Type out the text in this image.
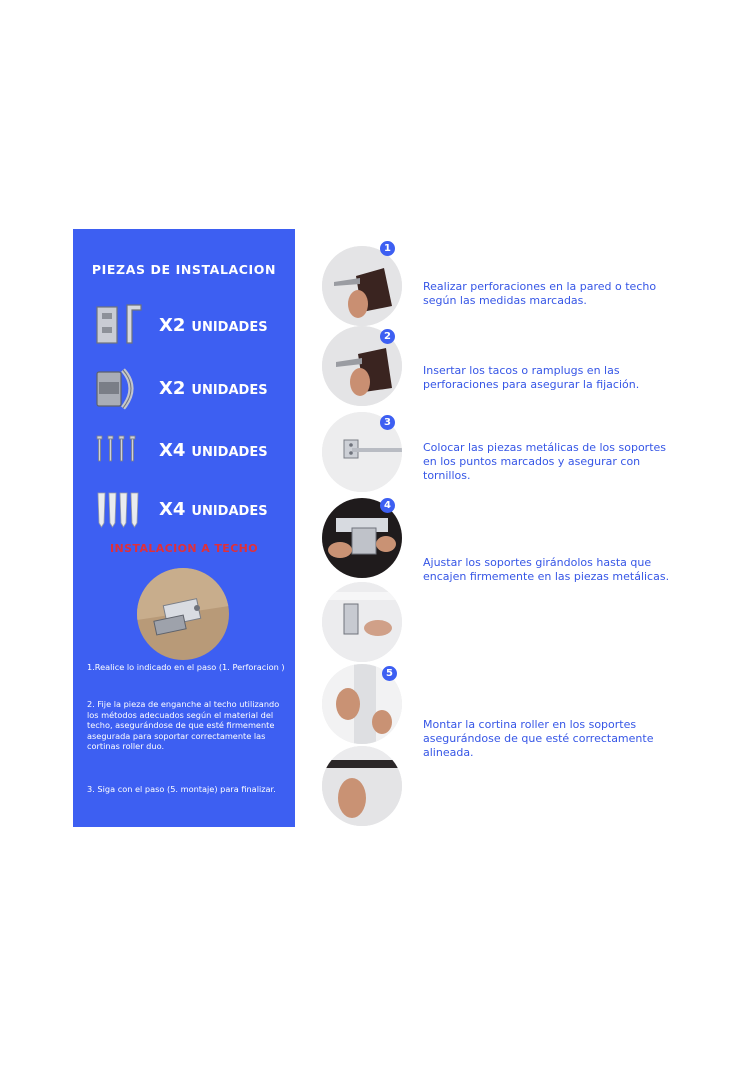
PIEZAS DE INSTALACION
X2 UNIDADES
X2 UNIDADES
X4 UNIDADES
X4 UNIDADES
INSTALACION A TECHO
1.Realice lo indicado en el paso (1. Perforacion )
2. Fije la pieza de enganche al techo utilizando los métodos adecuados según el material del techo, asegurándose de que esté firmemente asegurada para soportar correctamente las cortinas roller duo.
3. Siga con el paso (5. montaje) para finalizar.
1
2
3
4
5
Realizar perforaciones en la pared o techo según las medidas marcadas.
Insertar los tacos o ramplugs en las perforaciones para asegurar la fijación.
Colocar las piezas metálicas de los soportes en los puntos marcados y asegurar con tornillos.
Ajustar los soportes girándolos hasta que encajen firmemente en las piezas metálicas.
Montar la cortina roller en los soportes asegurándose de que esté correctamente alineada.
